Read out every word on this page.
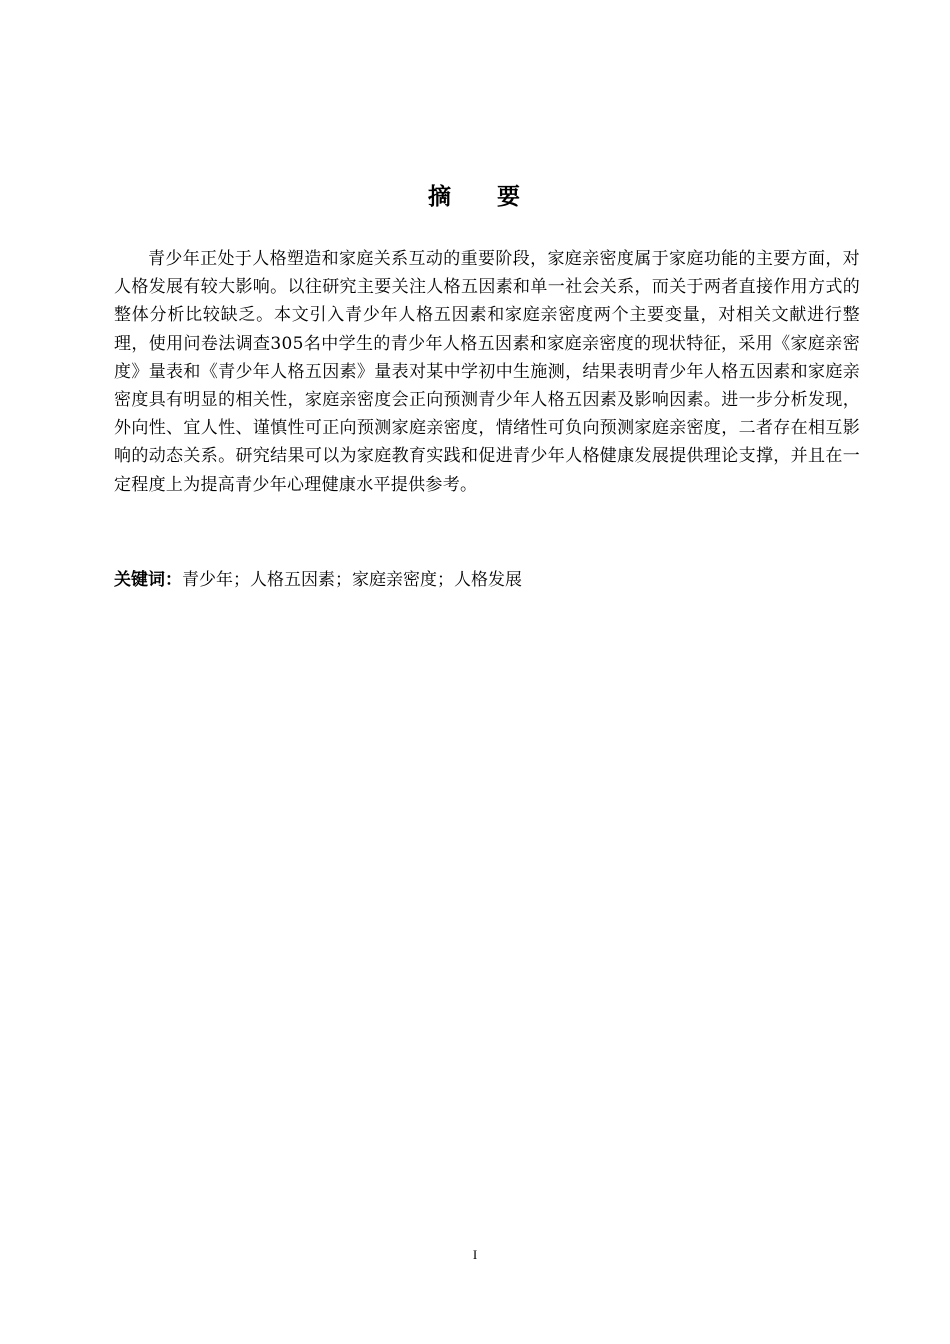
摘 要

青少年正处于人格塑造和家庭关系互动的重要阶段，家庭亲密度属于家庭功能的主要方面，对人格发展有较大影响。以往研究主要关注人格五因素和单一社会关系，而关于两者直接作用方式的整体分析比较缺乏。本文引入青少年人格五因素和家庭亲密度两个主要变量，对相关文献进行整理，使用问卷法调查305名中学生的青少年人格五因素和家庭亲密度的现状特征，采用《家庭亲密度》量表和《青少年人格五因素》量表对某中学初中生施测，结果表明青少年人格五因素和家庭亲密度具有明显的相关性，家庭亲密度会正向预测青少年人格五因素及影响因素。进一步分析发现，外向性、宜人性、谨慎性可正向预测家庭亲密度，情绪性可负向预测家庭亲密度，二者存在相互影响的动态关系。研究结果可以为家庭教育实践和促进青少年人格健康发展提供理论支撑，并且在一定程度上为提高青少年心理健康水平提供参考。

关键词：青少年；人格五因素；家庭亲密度；人格发展

I
